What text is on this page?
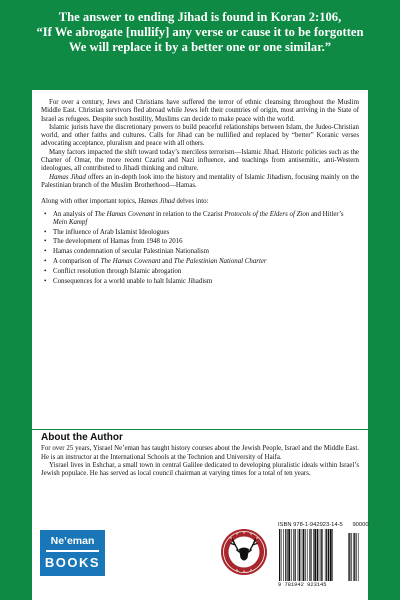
The answer to ending Jihad is found in Koran 2:106,
“If We abrogate [nullify] any verse or cause it to be forgotten
We will replace it by a better one or one similar.”

For over a century, Jews and Christians have suffered the terror of ethnic cleansing throughout the Muslim Middle East. Christian survivors fled abroad while Jews left their countries of origin, most arriving in the State of Israel as refugees. Despite such hostility, Muslims can decide to make peace with the world.

Islamic jurists have the discretionary powers to build peaceful relationships between Islam, the Judeo-Christian world, and other faiths and cultures. Calls for Jihad can be nullified and replaced by “better” Koranic verses advocating acceptance, pluralism and peace with all others.

Many factors impacted the shift toward today’s merciless terrorism—Islamic Jihad. Historic policies such as the Charter of Omar, the more recent Czarist and Nazi influence, and teachings from antisemitic, anti-Western ideologues, all contributed to Jihadi thinking and culture.

Hamas Jihad offers an in-depth look into the history and mentality of Islamic Jihadism, focusing mainly on the Palestinian branch of the Muslim Brotherhood—Hamas.

Along with other important topics, Hamas Jihad delves into:

• An analysis of The Hamas Covenant in relation to the Czarist Protocols of the Elders of Zion and Hitler’s Mein Kampf
• The influence of Arab Islamist Ideologues
• The development of Hamas from 1948 to 2016
• Hamas condemnation of secular Palestinian Nationalism
• A comparison of The Hamas Covenant and The Palestinian National Charter
• Conflict resolution through Islamic abrogation
• Consequences for a world unable to halt Islamic Jihadism
About the Author

For over 25 years, Yisrael Ne’eman has taught history courses about the Jewish People, Israel and the Middle East. He is an instructor at the International Schools at the Technion and University of Haifa.

Yisrael lives in Eshchar, a small town in central Galilee dedicated to developing pluralistic ideals within Israel’s Jewish populace. He has served as local council chairman at varying times for a total of ten years.

Ne’eman
BOOKS
ISBN 978-1-942923-14-5 90000
9 781942 923145
